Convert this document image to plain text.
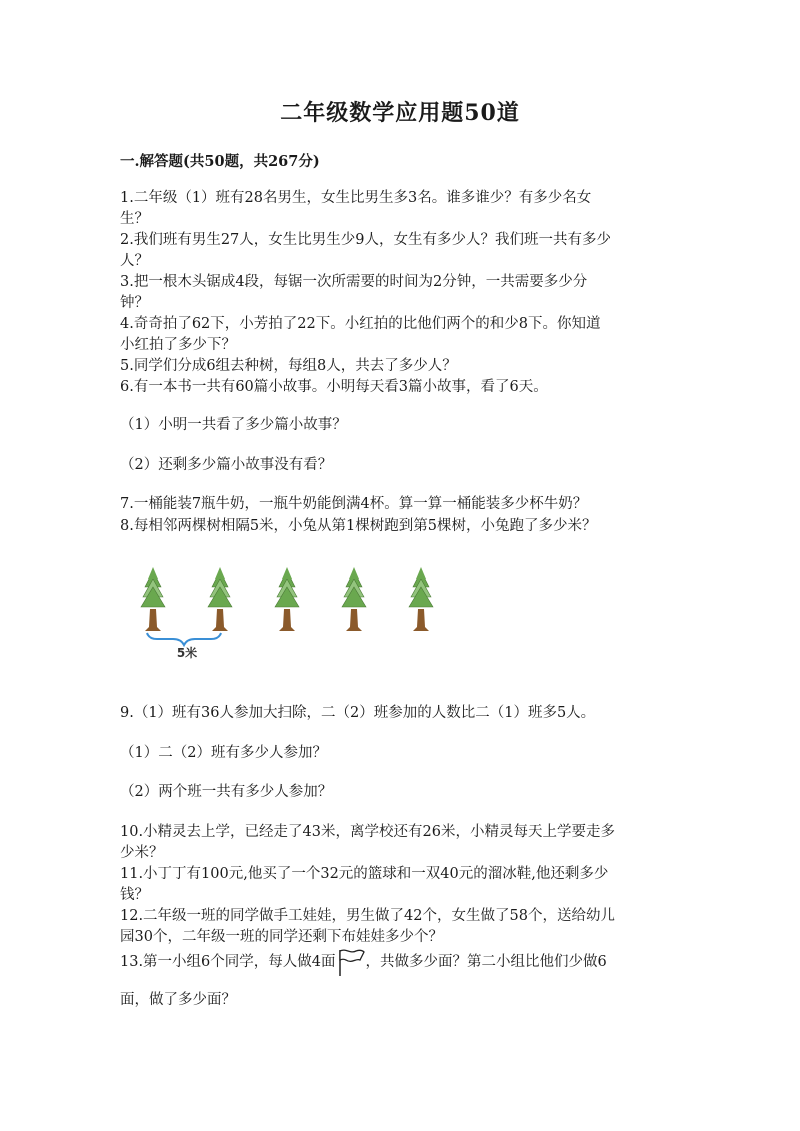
二年级数学应用题50道
一.解答题(共50题，共267分)
1.二年级（1）班有28名男生，女生比男生多3名。谁多谁少？有多少名女
生？
2.我们班有男生27人，女生比男生少9人，女生有多少人？我们班一共有多少
人？
3.把一根木头锯成4段，每锯一次所需要的时间为2分钟，一共需要多少分
钟？
4.奇奇拍了62下，小芳拍了22下。小红拍的比他们两个的和少8下。你知道
小红拍了多少下？
5.同学们分成6组去种树，每组8人，共去了多少人？
6.有一本书一共有60篇小故事。小明每天看3篇小故事，看了6天。
（1）小明一共看了多少篇小故事？
（2）还剩多少篇小故事没有看？
7.一桶能装7瓶牛奶，一瓶牛奶能倒满4杯。算一算一桶能装多少杯牛奶？
8.每相邻两棵树相隔5米，小兔从第1棵树跑到第5棵树，小兔跑了多少米？
5米
9.（1）班有36人参加大扫除，二（2）班参加的人数比二（1）班多5人。
（1）二（2）班有多少人参加？
（2）两个班一共有多少人参加？
10.小精灵去上学，已经走了43米，离学校还有26米，小精灵每天上学要走多
少米？
11.小丁丁有100元,他买了一个32元的篮球和一双40元的溜冰鞋,他还剩多少
钱？
12.二年级一班的同学做手工娃娃，男生做了42个，女生做了58个，送给幼儿
园30个，二年级一班的同学还剩下布娃娃多少个？
13.第一小组6个同学，每人做4面 ，共做多少面？第二小组比他们少做6
面，做了多少面？
